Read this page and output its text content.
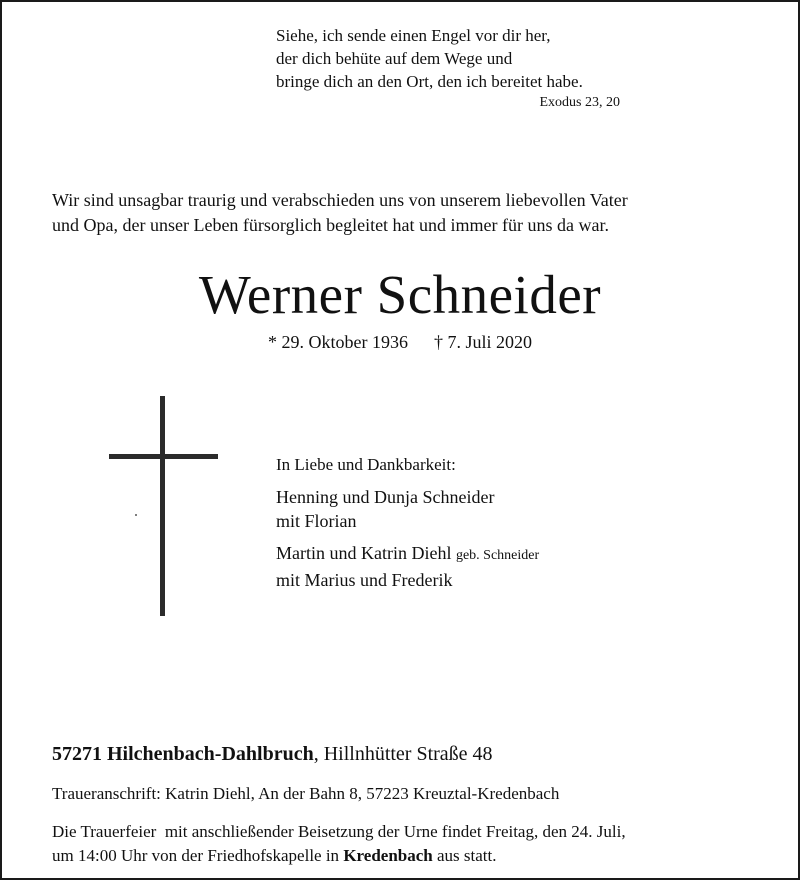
Siehe, ich sende einen Engel vor dir her,
der dich behüte auf dem Wege und
bringe dich an den Ort, den ich bereitet habe.
Exodus 23, 20
Wir sind unsagbar traurig und verabschieden uns von unserem liebevollen Vater
und Opa, der unser Leben fürsorglich begleitet hat und immer für uns da war.
Werner Schneider
* 29. Oktober 1936 † 7. Juli 2020
In Liebe und Dankbarkeit:
Henning und Dunja Schneider
mit Florian
Martin und Katrin Diehl geb. Schneider
mit Marius und Frederik
57271 Hilchenbach-Dahlbruch, Hillnhütter Straße 48
Traueranschrift: Katrin Diehl, An der Bahn 8, 57223 Kreuztal-Kredenbach
Die Trauerfeier  mit anschließender Beisetzung der Urne findet Freitag, den 24. Juli,
um 14:00 Uhr von der Friedhofskapelle in Kredenbach aus statt.
